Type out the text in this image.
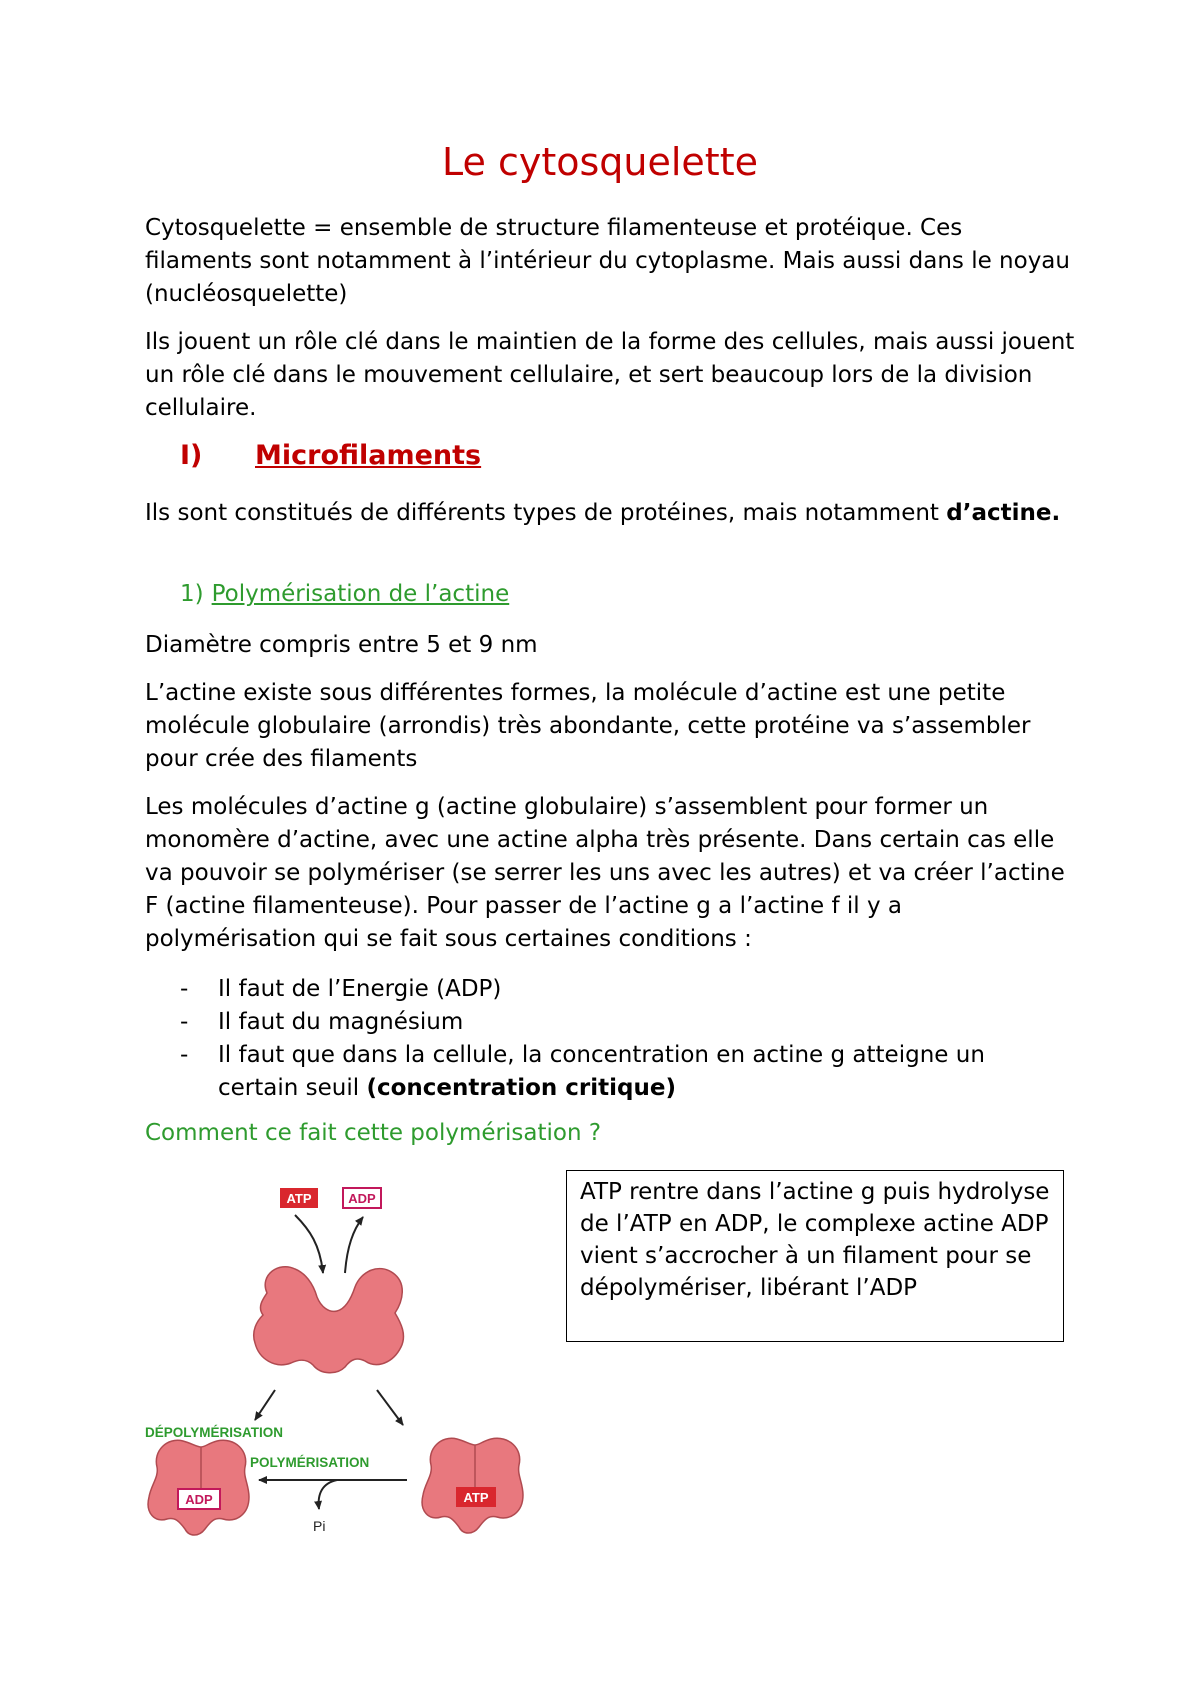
Le cytosquelette

Cytosquelette = ensemble de structure filamenteuse et protéique. Ces filaments sont notamment à l’intérieur du cytoplasme. Mais aussi dans le noyau (nucléosquelette)

Ils jouent un rôle clé dans le maintien de la forme des cellules, mais aussi jouent un rôle clé dans le mouvement cellulaire, et sert beaucoup lors de la division cellulaire.

I) Microfilaments

Ils sont constitués de différents types de protéines, mais notamment d’actine.

1) Polymérisation de l’actine

Diamètre compris entre 5 et 9 nm

L’actine existe sous différentes formes, la molécule d’actine est une petite molécule globulaire (arrondis) très abondante, cette protéine va s’assembler pour crée des filaments

Les molécules d’actine g (actine globulaire) s’assemblent pour former un monomère d’actine, avec une actine alpha très présente. Dans certain cas elle va pouvoir se polymériser (se serrer les uns avec les autres) et va créer l’actine F (actine filamenteuse). Pour passer de l’actine g a l’actine f il y a polymérisation qui se fait sous certaines conditions :

- Il faut de l’Energie (ADP)
- Il faut du magnésium
- Il faut que dans la cellule, la concentration en actine g atteigne un certain seuil (concentration critique)
Comment ce fait cette polymérisation ?
ATP rentre dans l’actine g puis hydrolyse de l’ATP en ADP, le complexe actine ADP vient s’accrocher à un filament pour se dépolymériser, libérant l’ADP
ATP	ADP
DÉPOLYMÉRISATION
POLYMÉRISATION
ADP	ATP
Pi
